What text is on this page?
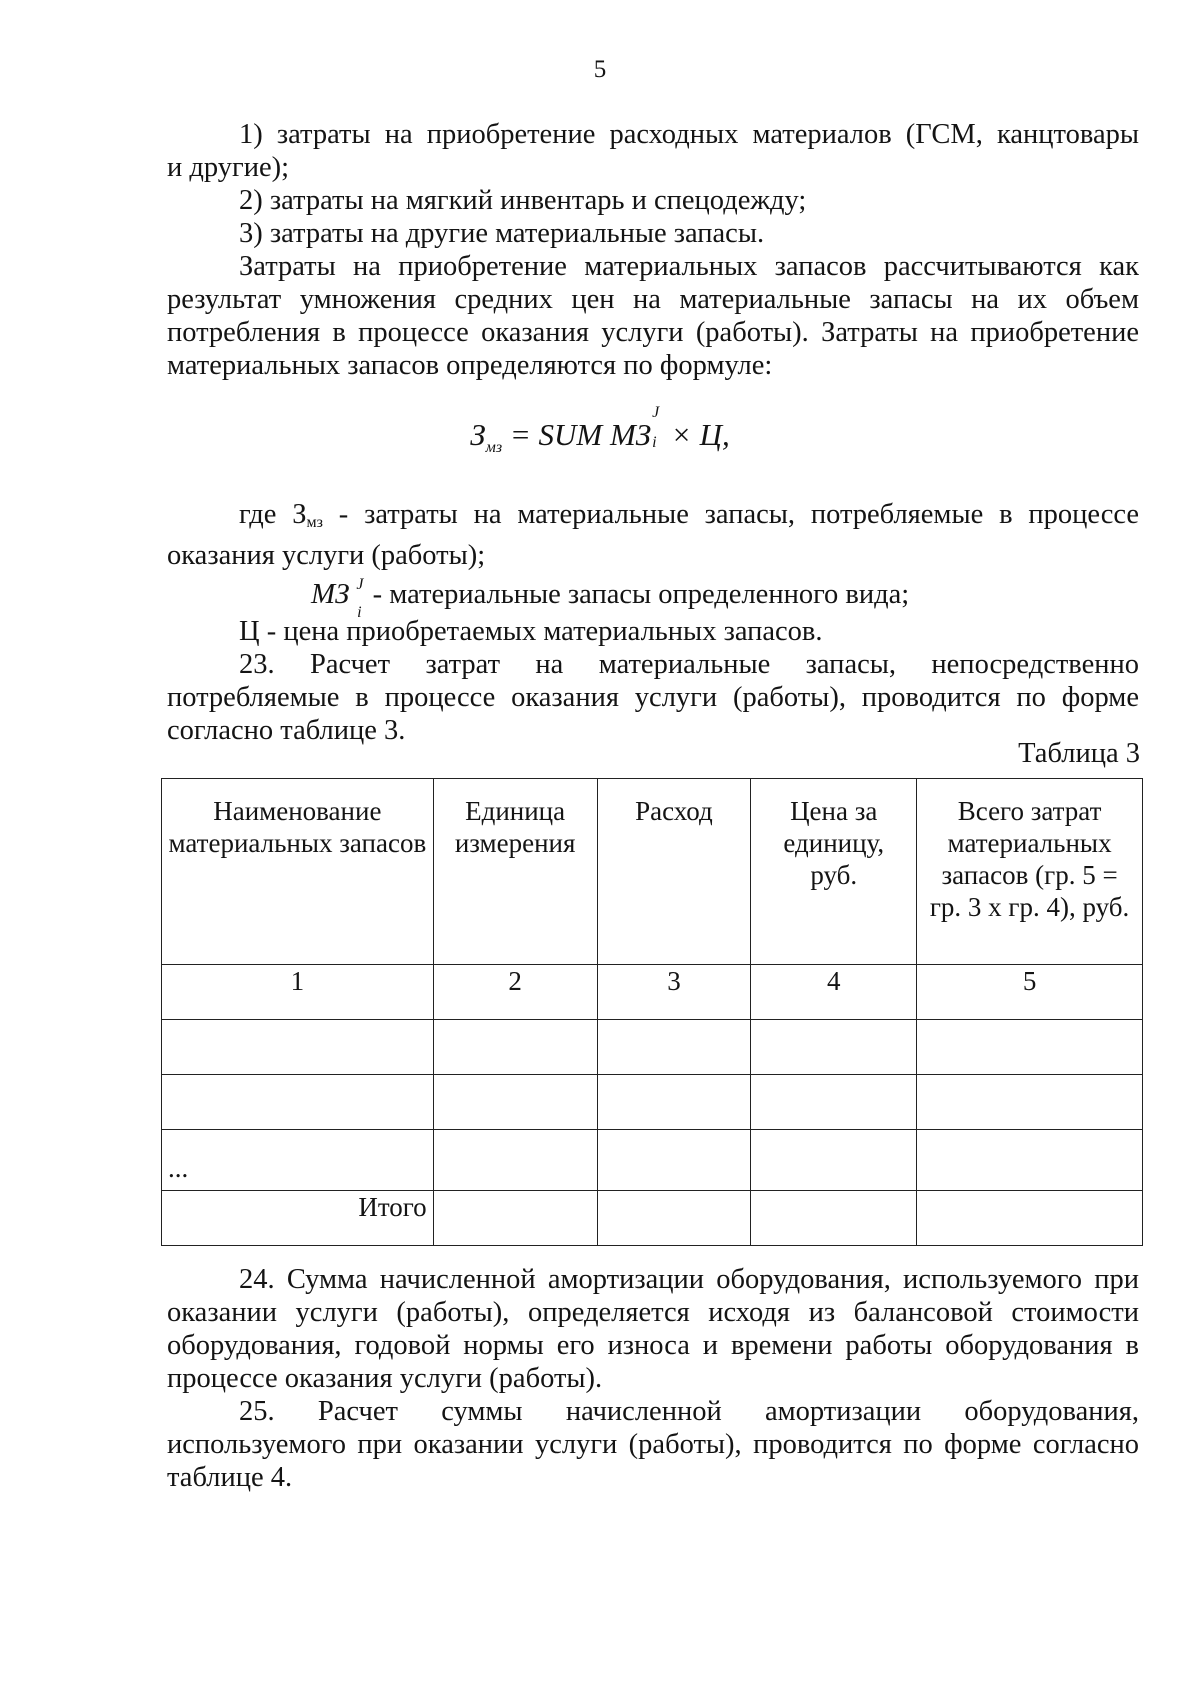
5

1) затраты на приобретение расходных материалов (ГСМ, канцтовары

и другие);

2) затраты на мягкий инвентарь и спецодежду;

3) затраты на другие материальные запасы.

Затраты на приобретение материальных запасов рассчитываются как результат умножения средних цен на материальные запасы на их объем потребления в процессе оказания услуги (работы). Затраты на приобретение материальных запасов определяются по формуле:

$З_{мз}$ = SUM МЗ
J
i × Ц,

где Змз - затраты на материальные запасы, потребляемые в процессе оказания услуги (работы);

МЗ J
i
- материальные запасы определенного вида;

Ц - цена приобретаемых материальных запасов.

23. Расчет затрат на материальные запасы, непосредственно потребляемые в процессе оказания услуги (работы), проводится по форме согласно таблице 3.

Таблица 3
Наименование материальных запасов	Единица измерения	Расход	Цена за единицу, руб.	Всего затрат материальных запасов (гр. 5 = гр. 3 х гр. 4), руб.
1	2	3	4	5

...				
Итого				

24. Сумма начисленной амортизации оборудования, используемого при оказании услуги (работы), определяется исходя из балансовой стоимости оборудования, годовой нормы его износа и времени работы оборудования в процессе оказания услуги (работы).

25. Расчет суммы начисленной амортизации оборудования, используемого при оказании услуги (работы), проводится по форме согласно таблице 4.
